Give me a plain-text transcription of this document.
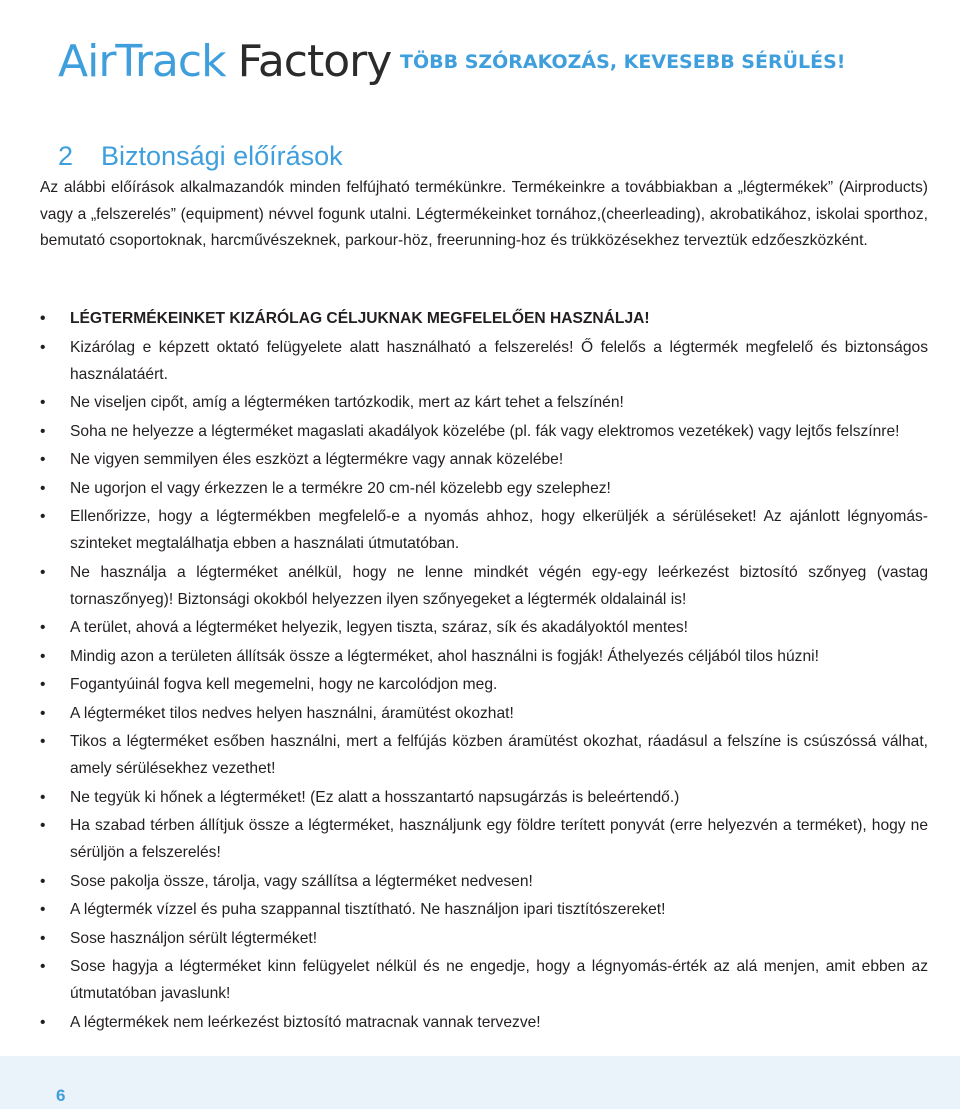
AirTrack Factory TÖBB SZÓRAKOZÁS, KEVESEBB SÉRÜLÉS!
2 Biztonsági előírások

Az alábbi előírások alkalmazandók minden felfújható termékünkre. Termékeinkre a továbbiakban a „légtermékek” (Airproducts) vagy a „felszerelés” (equipment) névvel fogunk utalni. Légtermékeinket tornához,(cheerleading), akrobatikához, iskolai sporthoz, bemutató csoportoknak, harcművészeknek, parkour-höz, freerunning-hoz és trükközésekhez terveztük edzőeszközként.

• LÉGTERMÉKEINKET KIZÁRÓLAG CÉLJUKNAK MEGFELELŐEN HASZNÁLJA!
• Kizárólag e képzett oktató felügyelete alatt használható a felszerelés! Ő felelős a légtermék megfelelő és biztonságos használatáért.
• Ne viseljen cipőt, amíg a légterméken tartózkodik, mert az kárt tehet a felszínén!
• Soha ne helyezze a légterméket magaslati akadályok közelébe (pl. fák vagy elektromos vezetékek) vagy lejtős felszínre!
• Ne vigyen semmilyen éles eszközt a légtermékre vagy annak közelébe!
• Ne ugorjon el vagy érkezzen le a termékre 20 cm-nél közelebb egy szelephez!
• Ellenőrizze, hogy a légtermékben megfelelő-e a nyomás ahhoz, hogy elkerüljék a sérüléseket! Az ajánlott légnyomás-szinteket megtalálhatja ebben a használati útmutatóban.
• Ne használja a légterméket anélkül, hogy ne lenne mindkét végén egy-egy leérkezést biztosító szőnyeg (vastag tornaszőnyeg)! Biztonsági okokból helyezzen ilyen szőnyegeket a légtermék oldalainál is!
• A terület, ahová a légterméket helyezik, legyen tiszta, száraz, sík és akadályoktól mentes!
• Mindig azon a területen állítsák össze a légterméket, ahol használni is fogják! Áthelyezés céljából tilos húzni!
• Fogantyúinál fogva kell megemelni, hogy ne karcolódjon meg.
• A légterméket tilos nedves helyen használni, áramütést okozhat!
• Tikos a légterméket esőben használni, mert a felfújás közben áramütést okozhat, ráadásul a felszíne is csúszóssá válhat, amely sérülésekhez vezethet!
• Ne tegyük ki hőnek a légterméket! (Ez alatt a hosszantartó napsugárzás is beleértendő.)
• Ha szabad térben állítjuk össze a légterméket, használjunk egy földre terített ponyvát (erre helyezvén a terméket), hogy ne sérüljön a felszerelés!
• Sose pakolja össze, tárolja, vagy szállítsa a légterméket nedvesen!
• A légtermék vízzel és puha szappannal tisztítható. Ne használjon ipari tisztítószereket!
• Sose használjon sérült légterméket!
• Sose hagyja a légterméket kinn felügyelet nélkül és ne engedje, hogy a légnyomás-érték az alá menjen, amit ebben az útmutatóban javaslunk!
• A légtermékek nem leérkezést biztosító matracnak vannak tervezve!
6
